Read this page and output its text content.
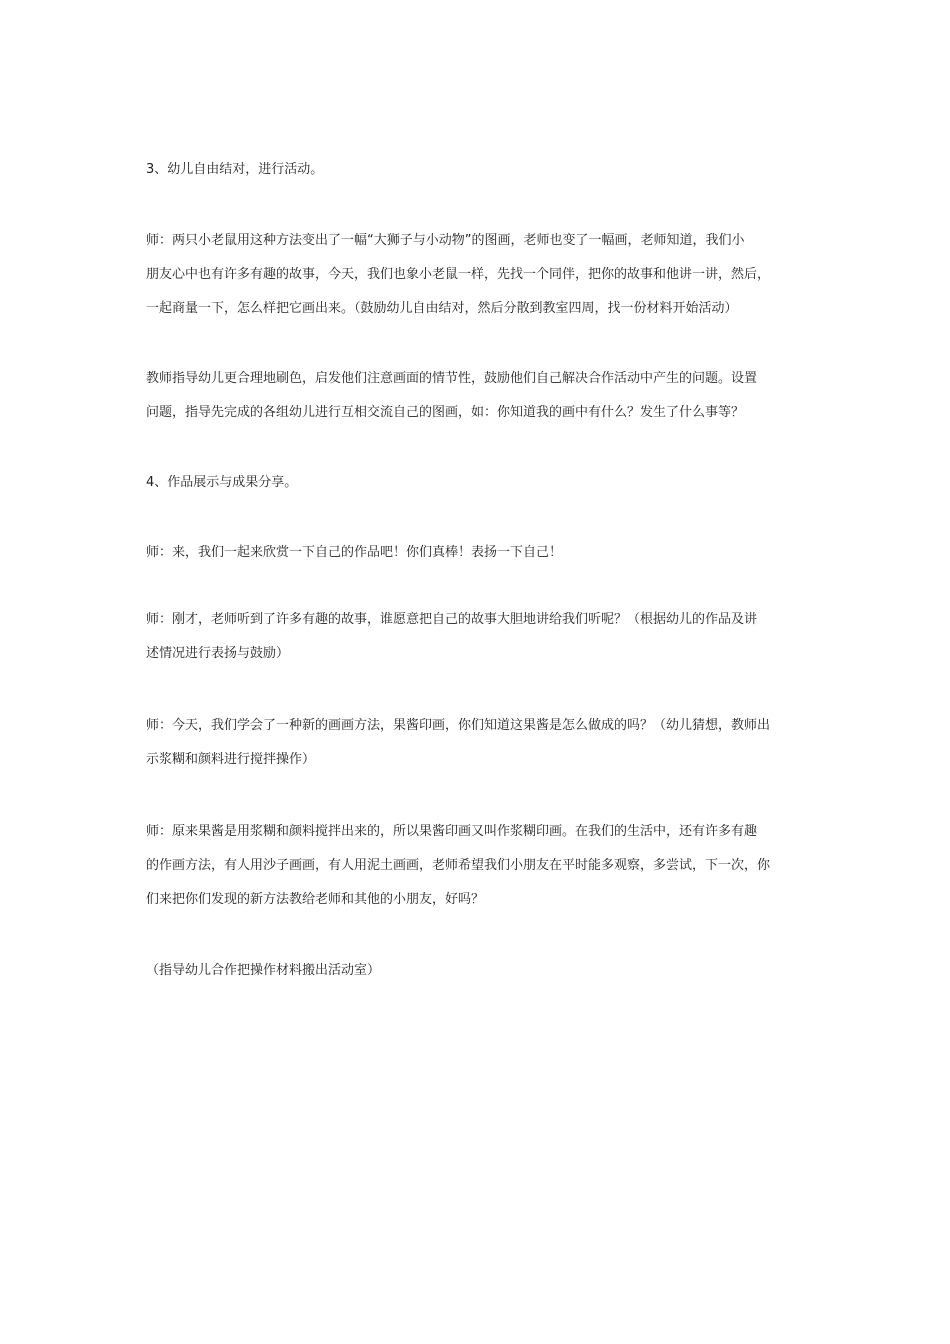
3、幼儿自由结对，进行活动。

师：两只小老鼠用这种方法变出了一幅“大狮子与小动物”的图画，老师也变了一幅画，老师知道，我们小
朋友心中也有许多有趣的故事，今天，我们也象小老鼠一样，先找一个同伴，把你的故事和他讲一讲，然后，
一起商量一下，怎么样把它画出来。（鼓励幼儿自由结对，然后分散到教室四周，找一份材料开始活动）

教师指导幼儿更合理地刷色，启发他们注意画面的情节性，鼓励他们自己解决合作活动中产生的问题。设置
问题，指导先完成的各组幼儿进行互相交流自己的图画，如：你知道我的画中有什么？发生了什么事等？

4、作品展示与成果分享。

师：来，我们一起来欣赏一下自己的作品吧！你们真棒！表扬一下自己！

师：刚才，老师听到了许多有趣的故事，谁愿意把自己的故事大胆地讲给我们听呢？（根据幼儿的作品及讲
述情况进行表扬与鼓励）

师：今天，我们学会了一种新的画画方法，果酱印画，你们知道这果酱是怎么做成的吗？（幼儿猜想，教师出
示浆糊和颜料进行搅拌操作）

师：原来果酱是用浆糊和颜料搅拌出来的，所以果酱印画又叫作浆糊印画。在我们的生活中，还有许多有趣
的作画方法，有人用沙子画画，有人用泥土画画，老师希望我们小朋友在平时能多观察，多尝试，下一次，你
们来把你们发现的新方法教给老师和其他的小朋友，好吗？

（指导幼儿合作把操作材料搬出活动室）
